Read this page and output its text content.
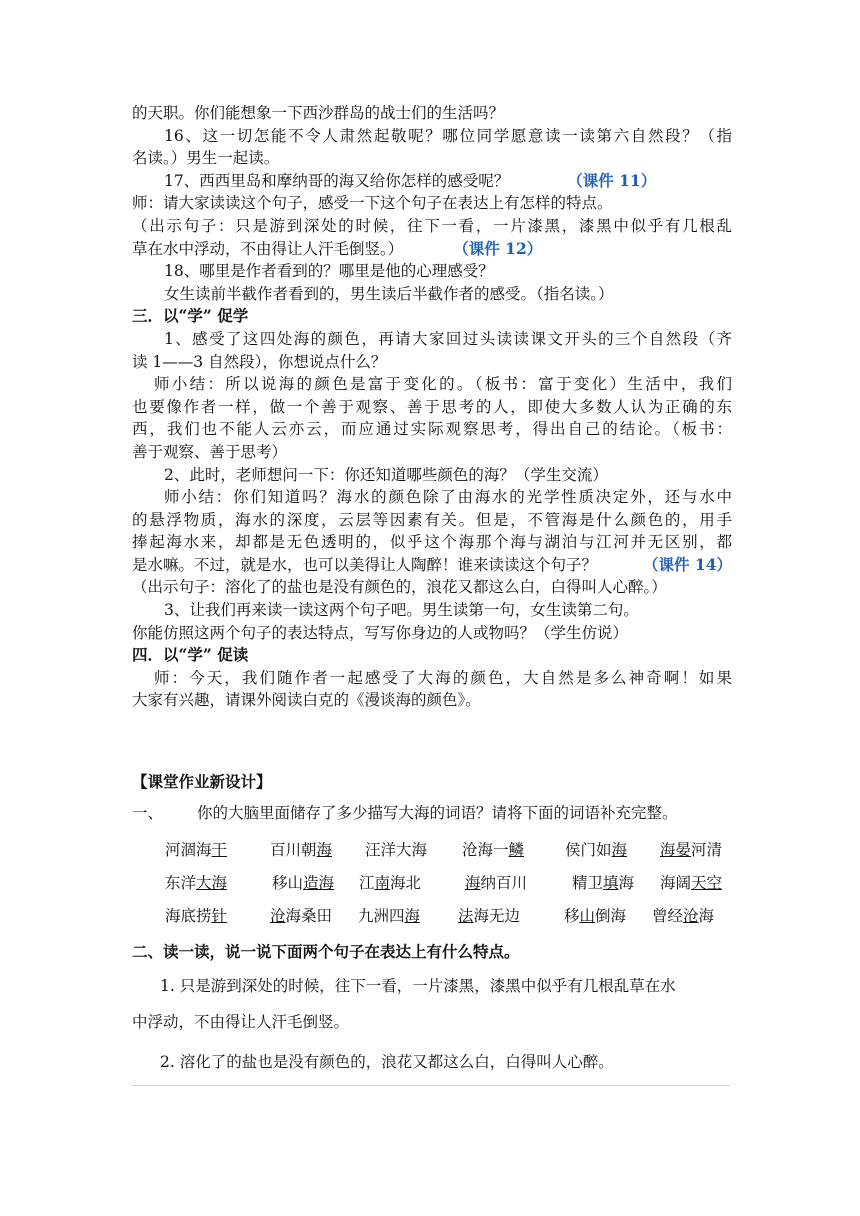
的天职。你们能想象一下西沙群岛的战士们的生活吗？
16、这一切怎能不令人肃然起敬呢？哪位同学愿意读一读第六自然段？（指
名读。）男生一起读。
17、西西里岛和摩纳哥的海又给你怎样的感受呢？	（课件 11）
师：请大家读读这个句子，感受一下这个句子在表达上有怎样的特点。
（出示句子：只是游到深处的时候，往下一看，一片漆黑，漆黑中似乎有几根乱
草在水中浮动，不由得让人汗毛倒竖。）	（课件 12）
18、哪里是作者看到的？哪里是他的心理感受？
女生读前半截作者看到的，男生读后半截作者的感受。（指名读。）
三．以“学” 促学
1、感受了这四处海的颜色，再请大家回过头读读课文开头的三个自然段（齐
读 1——3 自然段），你想说点什么？
师小结：所以说海的颜色是富于变化的。（板书：富于变化）生活中，我们
也要像作者一样，做一个善于观察、善于思考的人，即使大多数人认为正确的东
西，我们也不能人云亦云，而应通过实际观察思考，得出自己的结论。（板书：
善于观察、善于思考）
2、此时，老师想问一下：你还知道哪些颜色的海？（学生交流）
师小结：你们知道吗？海水的颜色除了由海水的光学性质决定外，还与水中
的悬浮物质，海水的深度，云层等因素有关。但是，不管海是什么颜色的，用手
捧起海水来，却都是无色透明的，似乎这个海那个海与湖泊与江河并无区别，都
是水嘛。不过，就是水，也可以美得让人陶醉！谁来读读这个句子？	（课件 14）
（出示句子：溶化了的盐也是没有颜色的，浪花又都这么白，白得叫人心醉。）
3、让我们再来读一读这两个句子吧。男生读第一句，女生读第二句。
你能仿照这两个句子的表达特点，写写你身边的人或物吗？（学生仿说）
四．以“学” 促读
师：今天，我们随作者一起感受了大海的颜色，大自然是多么神奇啊！如果
大家有兴趣，请课外阅读白克的《漫谈海的颜色》。
【课堂作业新设计】
一、 你的大脑里面储存了多少描写大海的词语？请将下面的词语补充完整。
河涸海干	百川朝海 汪洋大海 沧海一鳞	侯门如海 海晏河清
东洋大海	移山造海 江南海北	海纳百川	精卫填海 海阔天空
海底捞针	沧海桑田 九洲四海 法海无边	移山倒海 曾经沧海
二、读一读，说一说下面两个句子在表达上有什么特点。
1. 只是游到深处的时候，往下一看，一片漆黑，漆黑中似乎有几根乱草在水
中浮动，不由得让人汗毛倒竖。
2. 溶化了的盐也是没有颜色的，浪花又都这么白，白得叫人心醉。
